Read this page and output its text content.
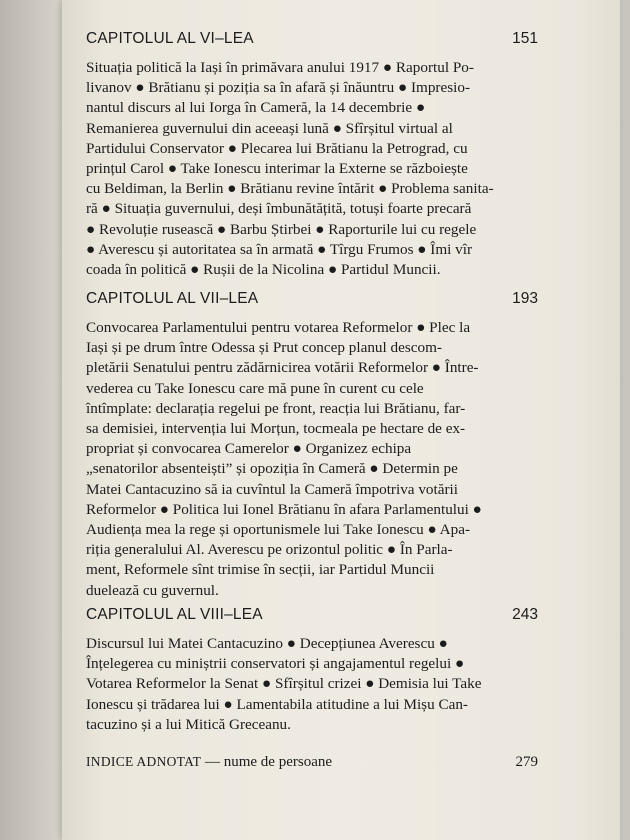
CAPITOLUL AL VI–LEA	151
Situația politică la Iași în primăvara anului 1917 ● Raportul Po-
livanov ● Brătianu și poziția sa în afară și înăuntru ● Impresio-
nantul discurs al lui Iorga în Cameră, la 14 decembrie ●
Remanierea guvernului din aceeași lună ● Sfîrșitul virtual al
Partidului Conservator ● Plecarea lui Brătianu la Petrograd, cu
prințul Carol ● Take Ionescu interimar la Externe se războiește
cu Beldiman, la Berlin ● Brătianu revine întărit ● Problema sanita-
ră ● Situația guvernului, deși îmbunătățită, totuși foarte precară
● Revoluție rusească ● Barbu Știrbei ● Raporturile lui cu regele
● Averescu și autoritatea sa în armată ● Tîrgu Frumos ● Îmi vîr
coada în politică ● Rușii de la Nicolina ● Partidul Muncii.
CAPITOLUL AL VII–LEA	193
Convocarea Parlamentului pentru votarea Reformelor ● Plec la
Iași și pe drum între Odessa și Prut concep planul descom-
pletării Senatului pentru zădărnicirea votării Reformelor ● Între-
vederea cu Take Ionescu care mă pune în curent cu cele
întîmplate: declarația regelui pe front, reacția lui Brătianu, far-
sa demisiei, intervenția lui Morțun, tocmeala pe hectare de ex-
propriat și convocarea Camerelor ● Organizez echipa
„senatorilor absenteiști” și opoziția în Cameră ● Determin pe
Matei Cantacuzino să ia cuvîntul la Cameră împotriva votării
Reformelor ● Politica lui Ionel Brătianu în afara Parlamentului ●
Audiența mea la rege și oportunismele lui Take Ionescu ● Apa-
riția generalului Al. Averescu pe orizontul politic ● În Parla-
ment, Reformele sînt trimise în secții, iar Partidul Muncii
duelează cu guvernul.
CAPITOLUL AL VIII–LEA	243
Discursul lui Matei Cantacuzino ● Decepțiunea Averescu ●
Înțelegerea cu miniștrii conservatori și angajamentul regelui ●
Votarea Reformelor la Senat ● Sfîrșitul crizei ● Demisia lui Take
Ionescu și trădarea lui ● Lamentabila atitudine a lui Mișu Can-
tacuzino și a lui Mitică Greceanu.
INDICE ADNOTAT — nume de persoane	279
